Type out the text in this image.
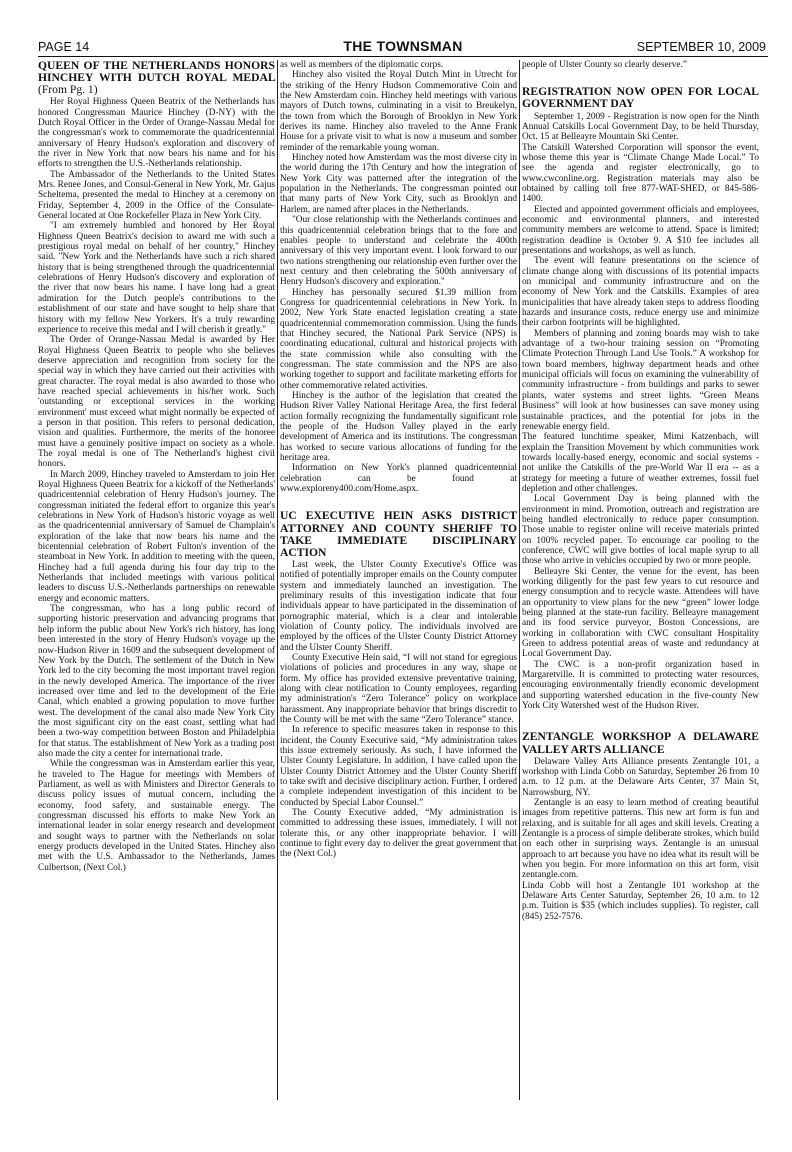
PAGE 14	THE TOWNSMAN	SEPTEMBER 10, 2009
QUEEN OF THE NETHERLANDS HONORS HINCHEY WITH DUTCH ROYAL MEDAL (From Pg. 1)

Her Royal Highness Queen Beatrix of the Netherlands has honored Congressman Maurice Hinchey (D-NY) with the Dutch Royal Officer in the Order of Orange-Nassau Medal for the congressman's work to commemorate the quadricentennial anniversary of Henry Hudson's exploration and discovery of the river in New York that now bears his name and for his efforts to strengthen the U.S.-Netherlands relationship.

The Ambassador of the Netherlands to the United States Mrs. Renee Jones, and Consul-General in New York, Mr. Gajus Scheltema, presented the medal to Hinchey at a ceremony on Friday, September 4, 2009 in the Office of the Consulate-General located at One Rockefeller Plaza in New York City.

"I am extremely humbled and honored by Her Royal Highness Queen Beatrix's decision to award me with such a prestigious royal medal on behalf of her country," Hinchey said. "New York and the Netherlands have such a rich shared history that is being strengthened through the quadricentennial celebrations of Henry Hudson's discovery and exploration of the river that now bears his name. I have long had a great admiration for the Dutch people's contributions to the establishment of our state and have sought to help share that history with my fellow New Yorkers. It's a truly rewarding experience to receive this medal and I will cherish it greatly."

The Order of Orange-Nassau Medal is awarded by Her Royal Highness Queen Beatrix to people who she believes deserve appreciation and recognition from society for the special way in which they have carried out their activities with great character. The royal medal is also awarded to those who have reached special achievements in his/her work. Such 'outstanding or exceptional services in the working environment' must exceed what might normally be expected of a person in that position. This refers to personal dedication, vision and qualities. Furthermore, the merits of the honoree must have a genuinely positive impact on society as a whole. The royal medal is one of The Netherland's highest civil honors.

In March 2009, Hinchey traveled to Amsterdam to join Her Royal Highness Queen Beatrix for a kickoff of the Netherlands' quadricentennial celebration of Henry Hudson's journey. The congressman initiated the federal effort to organize this year's celebrations in New York of Hudson's historic voyage as well as the quadricentennial anniversary of Samuel de Champlain's exploration of the lake that now bears his name and the bicentennial celebration of Robert Fulton's invention of the steamboat in New York. In addition to meeting with the queen, Hinchey had a full agenda during his four day trip to the Netherlands that included meetings with various political leaders to discuss U.S.-Netherlands partnerships on renewable energy and economic matters.

The congressman, who has a long public record of supporting historic preservation and advancing programs that help inform the public about New York's rich history, has long been interested in the story of Henry Hudson's voyage up the now-Hudson River in 1609 and the subsequent development of New York by the Dutch. The settlement of the Dutch in New York led to the city becoming the most important travel region in the newly developed America. The importance of the river increased over time and led to the development of the Erie Canal, which enabled a growing population to move further west. The development of the canal also made New York City the most significant city on the east coast, settling what had been a two-way competition between Boston and Philadelphia for that status. The establishment of New York as a trading post also made the city a center for international trade.

While the congressman was in Amsterdam earlier this year, he traveled to The Hague for meetings with Members of Parliament, as well as with Ministers and Director Generals to discuss policy issues of mutual concern, including the economy, food safety, and sustainable energy. The congressman discussed his efforts to make New York an international leader in solar energy research and development and sought ways to partner with the Netherlands on solar energy products developed in the United States. Hinchey also met with the U.S. Ambassador to the Netherlands, James Culbertson, (Next Col.)

as well as members of the diplomatic corps.

Hinchey also visited the Royal Dutch Mint in Utrecht for the striking of the Henry Hudson Commemorative Coin and the New Amsterdam coin. Hinchey held meetings with various mayors of Dutch towns, culminating in a visit to Breukelyn, the town from which the Borough of Brooklyn in New York derives its name. Hinchey also traveled to the Anne Frank House for a private visit to what is now a museum and somber reminder of the remarkable young woman.

Hinchey noted how Amsterdam was the most diverse city in the world during the 17th Century and how the integration of New York City was patterned after the integration of the population in the Netherlands. The congressman pointed out that many parts of New York City, such as Brooklyn and Harlem, are named after places in the Netherlands.

"Our close relationship with the Netherlands continues and this quadricentennial celebration brings that to the fore and enables people to understand and celebrate the 400th anniversary of this very important event. I look forward to our two nations strengthening our relationship even further over the next century and then celebrating the 500th anniversary of Henry Hudson's discovery and exploration."

Hinchey has personally secured $1.39 million from Congress for quadricentennial celebrations in New York. In 2002, New York State enacted legislation creating a state quadricentennial commemoration commission. Using the funds that Hinchey secured, the National Park Service (NPS) is coordinating educational, cultural and historical projects with the state commission while also consulting with the congressman. The state commission and the NPS are also working together to support and facilitate marketing efforts for other commemorative related activities.

Hinchey is the author of the legislation that created the Hudson River Valley National Heritage Area, the first federal action formally recognizing the fundamentally significant role the people of the Hudson Valley played in the early development of America and its institutions. The congressman has worked to secure various allocations of funding for the heritage area.

Information on New York's planned quadricentennial celebration can be found at www.exploreny400.com/Home.aspx.

UC EXECUTIVE HEIN ASKS DISTRICT ATTORNEY AND COUNTY SHERIFF TO TAKE IMMEDIATE DISCIPLINARY ACTION

Last week, the Ulster County Executive's Office was notified of potentially improper emails on the County computer system and immediately launched an investigation. The preliminary results of this investigation indicate that four individuals appear to have participated in the dissemination of pornographic material, which is a clear and intolerable violation of County policy. The individuals involved are employed by the offices of the Ulster County District Attorney and the Ulster County Sheriff.

County Executive Hein said, “I will not stand for egregious violations of policies and procedures in any way, shape or form. My office has provided extensive preventative training, along with clear notification to County employees, regarding my administration's “Zero Tolerance” policy on workplace harassment. Any inappropriate behavior that brings discredit to the County will be met with the same “Zero Tolerance” stance.

In reference to specific measures taken in response to this incident, the County Executive said, “My administration takes this issue extremely seriously. As such, I have informed the Ulster County Legislature. In addition, I have called upon the Ulster County District Attorney and the Ulster County Sheriff to take swift and decisive disciplinary action. Further, I ordered a complete independent investigation of this incident to be conducted by Special Labor Counsel.”

The County Executive added, “My administration is committed to addressing these issues, immediately. I will not tolerate this, or any other inappropriate behavior. I will continue to fight every day to deliver the great government that the (Next Col.)

people of Ulster County so clearly deserve.”

REGISTRATION NOW OPEN FOR LOCAL GOVERNMENT DAY

September 1, 2009 - Registration is now open for the Ninth Annual Catskills Local Government Day, to be held Thursday, Oct. 15 at Belleayre Mountain Ski Center.

The Catskill Watershed Corporation will sponsor the event, whose theme this year is “Climate Change Made Local.” To see the agenda and register electronically, go to www.cwconline.org. Registration materials may also be obtained by calling toll free 877-WAT-SHED, or 845-586-1400.

Elected and appointed government officials and employees, economic and environmental planners, and interested community members are welcome to attend. Space is limited; registration deadline is October 9. A $10 fee includes all presentations and workshops, as well as lunch.

The event will feature presentations on the science of climate change along with discussions of its potential impacts on municipal and community infrastructure and on the economy of New York and the Catskills. Examples of area municipalities that have already taken steps to address flooding hazards and insurance costs, reduce energy use and minimize their carbon footprints will be highlighted.

Members of planning and zoning boards may wish to take advantage of a two-hour training session on “Promoting Climate Protection Through Land Use Tools.” A workshop for town board members, highway department heads and other municipal officials will focus on examining the vulnerability of community infrastructure - from buildings and parks to sewer plants, water systems and street lights. “Green Means Business” will look at how businesses can save money using sustainable practices, and the potential for jobs in the renewable energy field.

The featured lunchtime speaker, Mimi Katzenbach, will explain the Transition Movement by which communities work towards locally-based energy, economic and social systems - not unlike the Catskills of the pre-World War II era -- as a strategy for meeting a future of weather extremes, fossil fuel depletion and other challenges.

Local Government Day is being planned with the environment in mind. Promotion, outreach and registration are being handled electronically to reduce paper consumption. Those unable to register online will receive materials printed on 100% recycled paper. To encourage car pooling to the conference, CWC will give bottles of local maple syrup to all those who arrive in vehicles occupied by two or more people.

Belleayre Ski Center, the venue for the event, has been working diligently for the past few years to cut resource and energy consumption and to recycle waste. Attendees will have an opportunity to view plans for the new “green” lower lodge being planned at the state-run facility. Belleayre management and its food service purveyor, Boston Concessions, are working in collaboration with CWC consultant Hospitality Green to address potential areas of waste and redundancy at Local Government Day.

The CWC is a non-profit organization based in Margaretville. It is committed to protecting water resources, encouraging environmentally friendly economic development and supporting watershed education in the five-county New York City Watershed west of the Hudson River.

ZENTANGLE WORKSHOP A DELAWARE VALLEY ARTS ALLIANCE

Delaware Valley Arts Alliance presents Zentangle 101, a workshop with Linda Cobb on Saturday, September 26 from 10 a.m. to 12 p.m. at the Delaware Arts Center, 37 Main St, Narrowsburg, NY.

Zentangle is an easy to learn method of creating beautiful images from repetitive patterns. This new art form is fun and relaxing, and is suitable for all ages and skill levels. Creating a Zentangle is a process of simple deliberate strokes, which build on each other in surprising ways. Zentangle is an unusual approach to art because you have no idea what its result will be when you begin. For more information on this art form, visit zentangle.com.

Linda Cobb will host a Zentangle 101 workshop at the Delaware Arts Center Saturday, September 26, 10 a.m. to 12 p.m. Tuition is $35 (which includes supplies). To register, call (845) 252-7576.
